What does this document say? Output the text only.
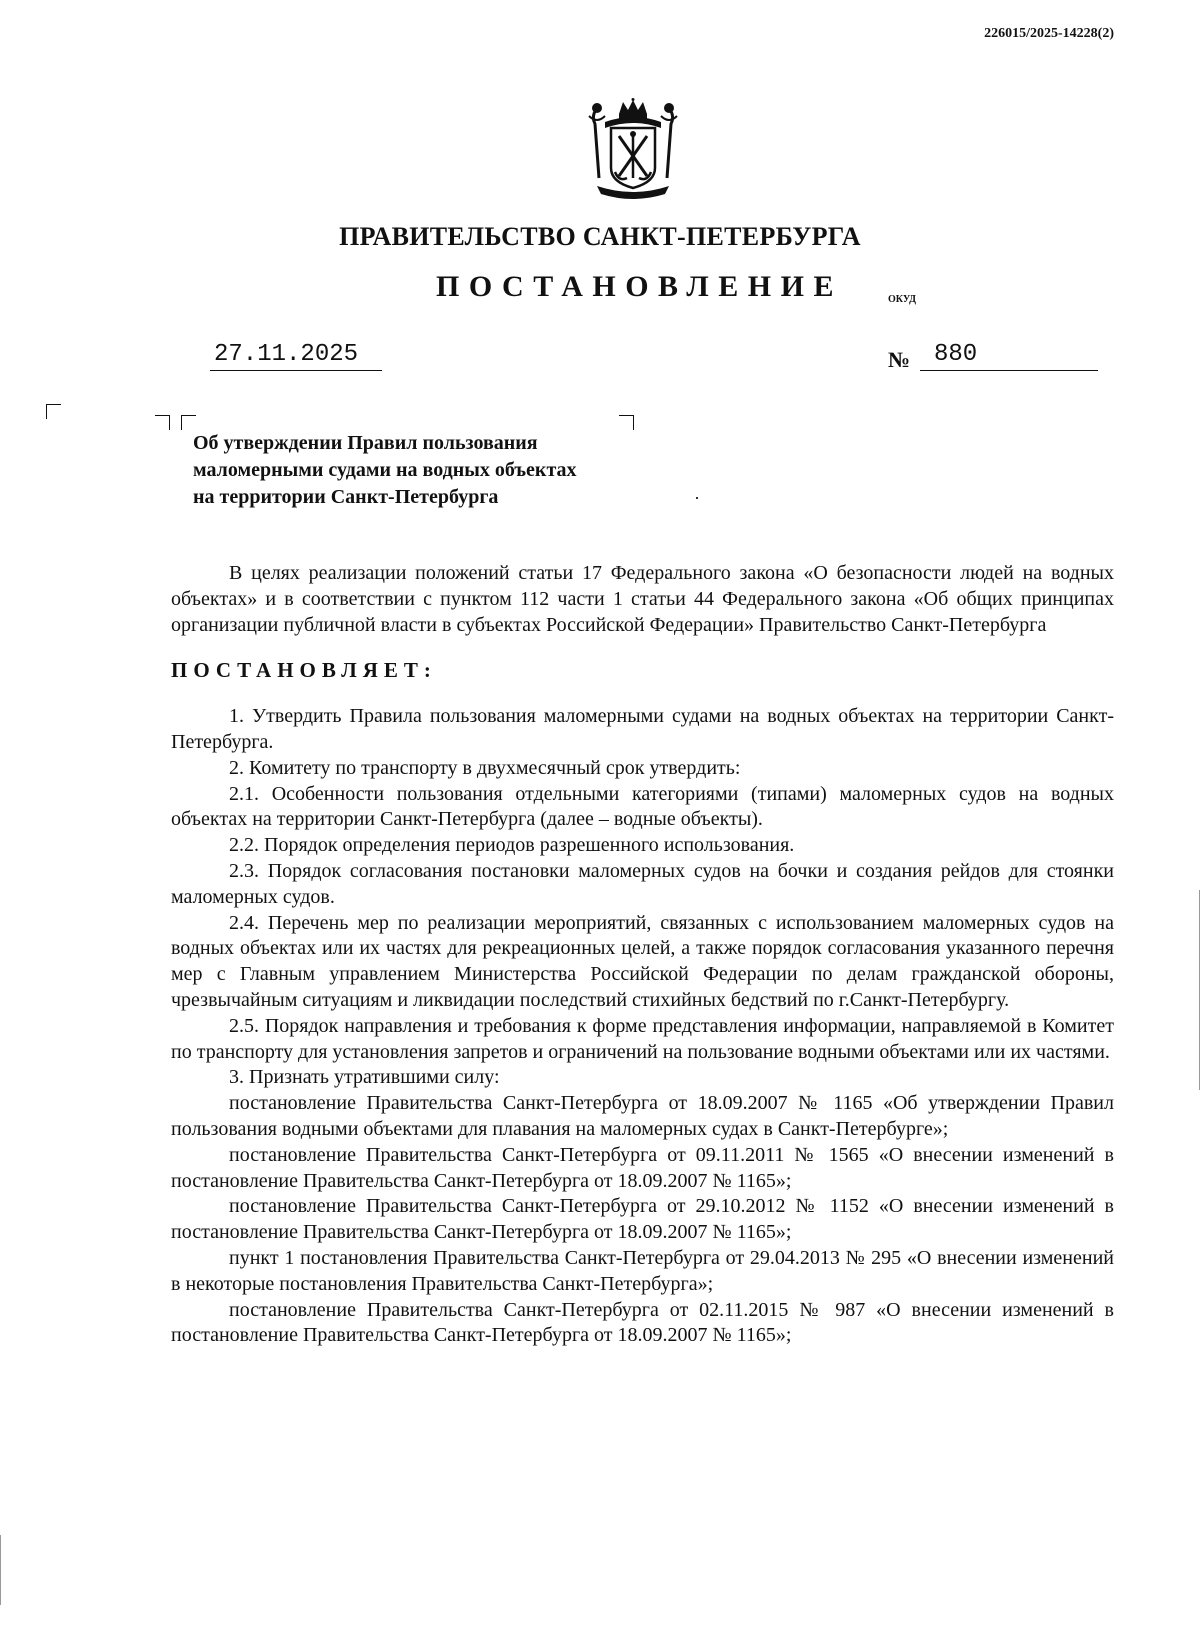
226015/2025-14228(2)
ПРАВИТЕЛЬСТВО САНКТ-ПЕТЕРБУРГА
ПОСТАНОВЛЕНИЕ	ОКУД
27.11.2025	№ 880
Об утверждении Правил пользования
маломерными судами на водных объектах
на территории Санкт-Петербурга

В целях реализации положений статьи 17 Федерального закона «О безопасности людей на водных объектах» и в соответствии с пунктом 112 части 1 статьи 44 Федерального закона «Об общих принципах организации публичной власти в субъектах Российской Федерации» Правительство Санкт-Петербурга

ПОСТАНОВЛЯЕТ:

1. Утвердить Правила пользования маломерными судами на водных объектах на территории Санкт-Петербурга.

2. Комитету по транспорту в двухмесячный срок утвердить:

2.1. Особенности пользования отдельными категориями (типами) маломерных судов на водных объектах на территории Санкт-Петербурга (далее – водные объекты).

2.2. Порядок определения периодов разрешенного использования.

2.3. Порядок согласования постановки маломерных судов на бочки и создания рейдов для стоянки маломерных судов.

2.4. Перечень мер по реализации мероприятий, связанных с использованием маломерных судов на водных объектах или их частях для рекреационных целей, а также порядок согласования указанного перечня мер с Главным управлением Министерства Российской Федерации по делам гражданской обороны, чрезвычайным ситуациям и ликвидации последствий стихийных бедствий по г.Санкт-Петербургу.

2.5. Порядок направления и требования к форме представления информации, направляемой в Комитет по транспорту для установления запретов и ограничений на пользование водными объектами или их частями.

3. Признать утратившими силу:

постановление Правительства Санкт-Петербурга от 18.09.2007 № 1165 «Об утверждении Правил пользования водными объектами для плавания на маломерных судах в Санкт-Петербурге»;

постановление Правительства Санкт-Петербурга от 09.11.2011 № 1565 «О внесении изменений в постановление Правительства Санкт-Петербурга от 18.09.2007 № 1165»;

постановление Правительства Санкт-Петербурга от 29.10.2012 № 1152 «О внесении изменений в постановление Правительства Санкт-Петербурга от 18.09.2007 № 1165»;

пункт 1 постановления Правительства Санкт-Петербурга от 29.04.2013 № 295 «О внесении изменений в некоторые постановления Правительства Санкт-Петербурга»;

постановление Правительства Санкт-Петербурга от 02.11.2015 № 987 «О внесении изменений в постановление Правительства Санкт-Петербурга от 18.09.2007 № 1165»;
